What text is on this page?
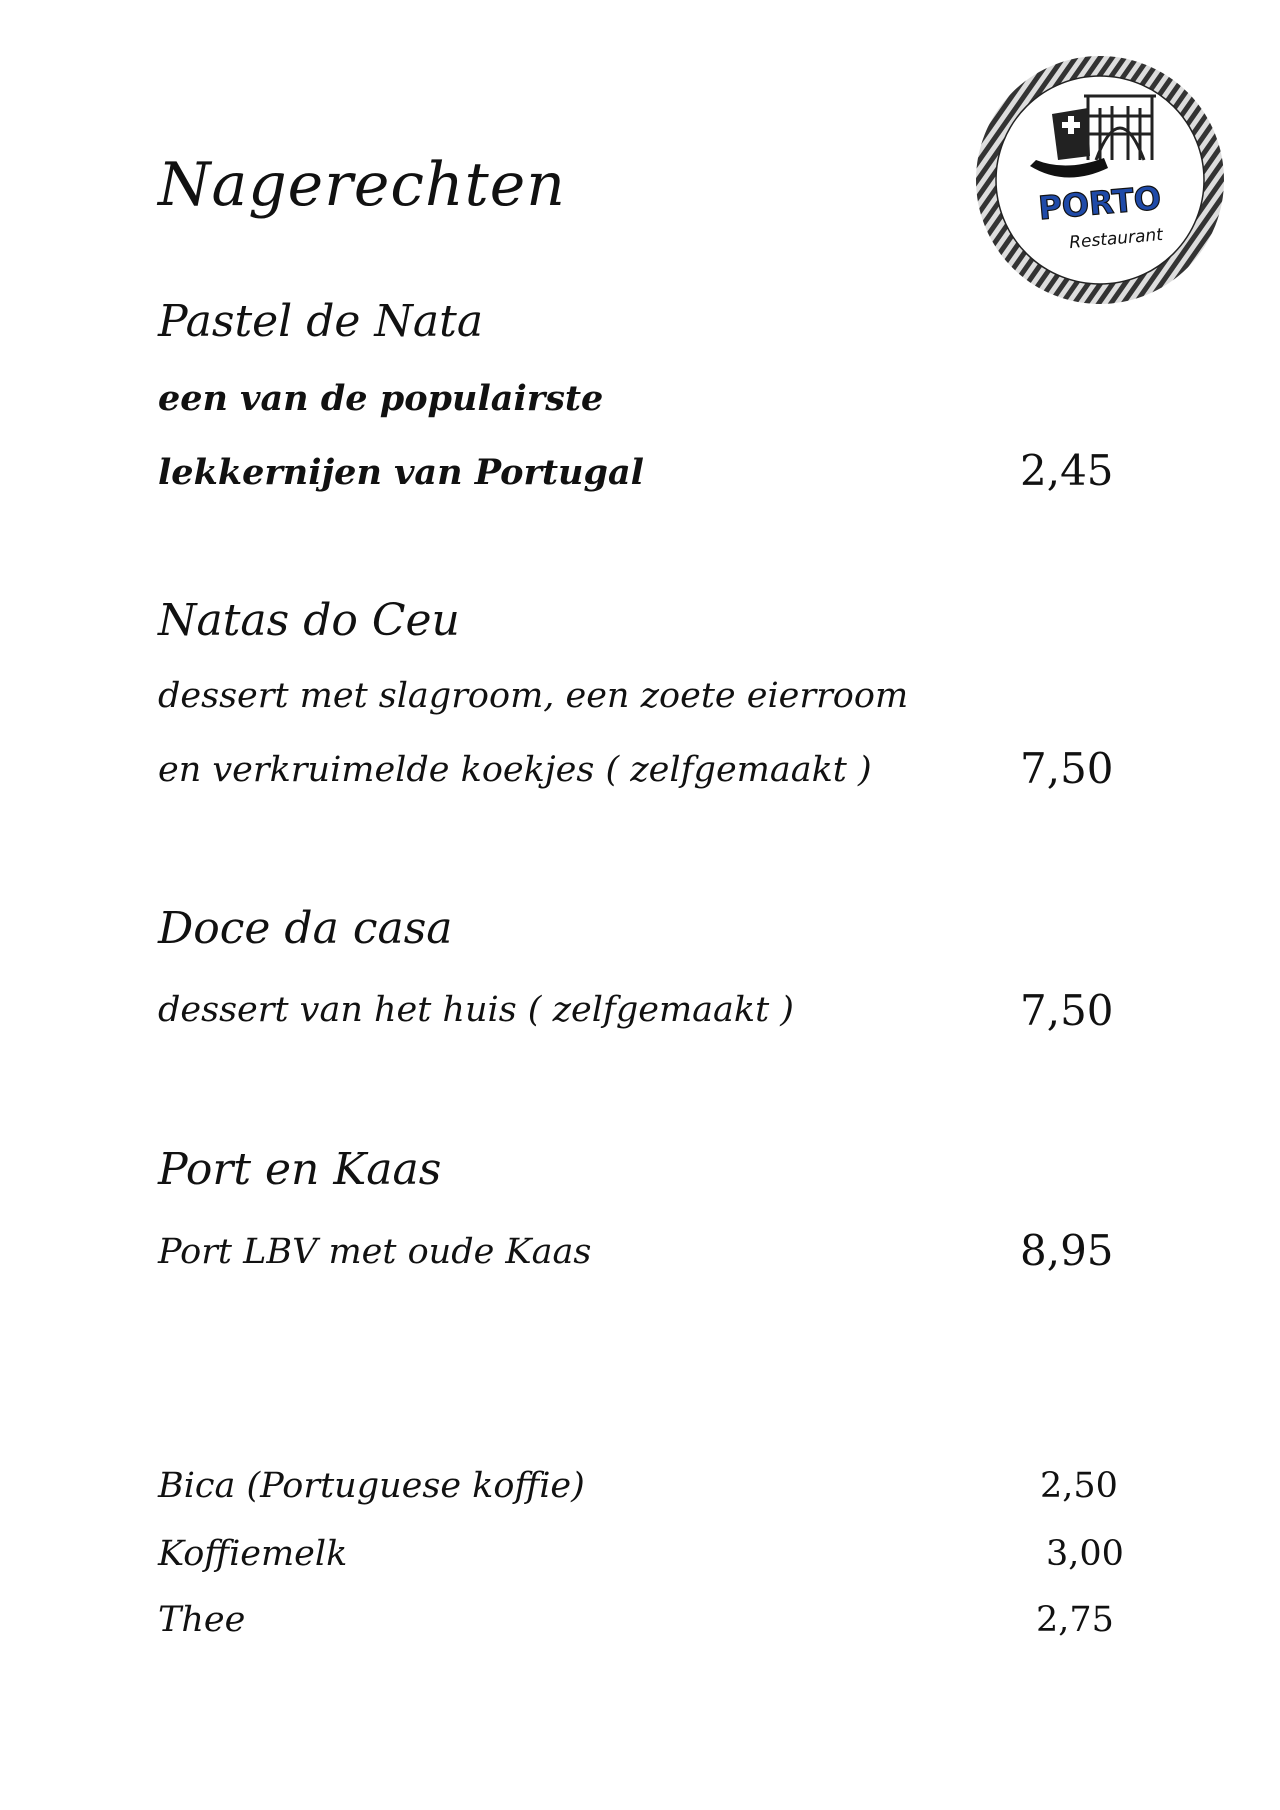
PORTO
Restaurant
Nagerechten
Pastel de Nata
een van de populairste
lekkernijen van Portugal	2,45
Natas do Ceu
dessert met slagroom, een zoete eierroom
en verkruimelde koekjes ( zelfgemaakt )	7,50
Doce da casa
dessert van het huis ( zelfgemaakt )	7,50
Port en Kaas
Port LBV met oude Kaas	8,95
Bica (Portuguese koffie)	2,50
Koffiemelk	3,00
Thee	2,75
